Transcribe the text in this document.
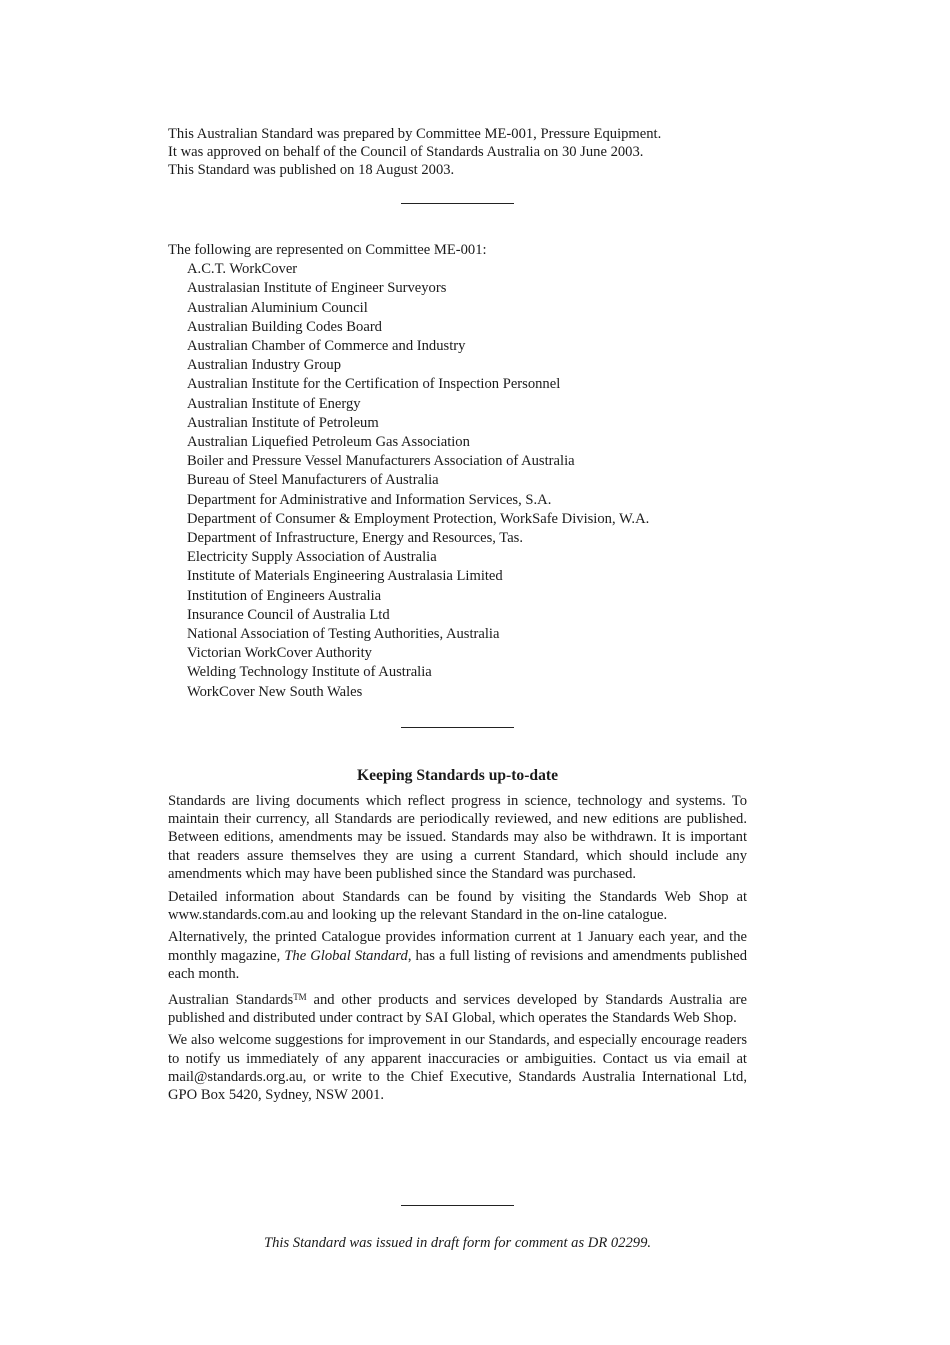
This Australian Standard was prepared by Committee ME-001, Pressure Equipment.
It was approved on behalf of the Council of Standards Australia on 30 June 2003.
This Standard was published on 18 August 2003.
The following are represented on Committee ME-001:
A.C.T. WorkCover
Australasian Institute of Engineer Surveyors
Australian Aluminium Council
Australian Building Codes Board
Australian Chamber of Commerce and Industry
Australian Industry Group
Australian Institute for the Certification of Inspection Personnel
Australian Institute of Energy
Australian Institute of Petroleum
Australian Liquefied Petroleum Gas Association
Boiler and Pressure Vessel Manufacturers Association of Australia
Bureau of Steel Manufacturers of Australia
Department for Administrative and Information Services, S.A.
Department of Consumer & Employment Protection, WorkSafe Division, W.A.
Department of Infrastructure, Energy and Resources, Tas.
Electricity Supply Association of Australia
Institute of Materials Engineering Australasia Limited
Institution of Engineers Australia
Insurance Council of Australia Ltd
National Association of Testing Authorities, Australia
Victorian WorkCover Authority
Welding Technology Institute of Australia
WorkCover New South Wales
Keeping Standards up-to-date

Standards are living documents which reflect progress in science, technology and systems. To maintain their currency, all Standards are periodically reviewed, and new editions are published. Between editions, amendments may be issued. Standards may also be withdrawn. It is important that readers assure themselves they are using a current Standard, which should include any amendments which may have been published since the Standard was purchased.

Detailed information about Standards can be found by visiting the Standards Web Shop at www.standards.com.au and looking up the relevant Standard in the on-line catalogue.

Alternatively, the printed Catalogue provides information current at 1 January each year, and the monthly magazine, The Global Standard, has a full listing of revisions and amendments published each month.

Australian Standards™ and other products and services developed by Standards Australia are published and distributed under contract by SAI Global, which operates the Standards Web Shop.

We also welcome suggestions for improvement in our Standards, and especially encourage readers to notify us immediately of any apparent inaccuracies or ambiguities. Contact us via email at mail@standards.org.au, or write to the Chief Executive, Standards Australia International Ltd, GPO Box 5420, Sydney, NSW 2001.

This Standard was issued in draft form for comment as DR 02299.
